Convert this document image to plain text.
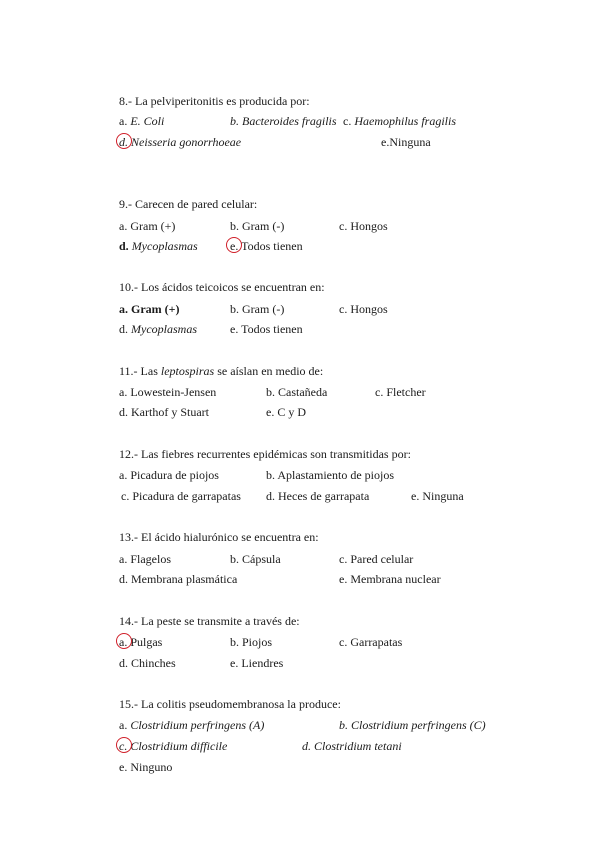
8.- La pelviperitonitis es producida por:
a. E. Coli	b. Bacteroides fragilis c. Haemophilus fragilis
d. Neisseria gonorrhoeae	e.Ninguna
9.- Carecen de pared celular:
a. Gram (+)	b. Gram (-)	c. Hongos
d. Mycoplasmas	e. Todos tienen
10.- Los ácidos teicoicos se encuentran en:
a. Gram (+)	b. Gram (-)	c. Hongos
d. Mycoplasmas	e. Todos tienen
11.- Las leptospiras se aíslan en medio de:
a. Lowestein-Jensen	b. Castañeda	c. Fletcher
d. Karthof y Stuart	e. C y D
12.- Las fiebres recurrentes epidémicas son transmitidas por:
a. Picadura de piojos	b. Aplastamiento de piojos
c. Picadura de garrapatas d. Heces de garrapata	e. Ninguna
13.- El ácido hialurónico se encuentra en:
a. Flagelos	b. Cápsula	c. Pared celular
d. Membrana plasmática	e. Membrana nuclear
14.- La peste se transmite a través de:
a. Pulgas	b. Piojos	c. Garrapatas
d. Chinches	e. Liendres
15.- La colitis pseudomembranosa la produce:
a. Clostridium perfringens (A)	b. Clostridium perfringens (C)
c. Clostridium difficile	d. Clostridium tetani
e. Ninguno
